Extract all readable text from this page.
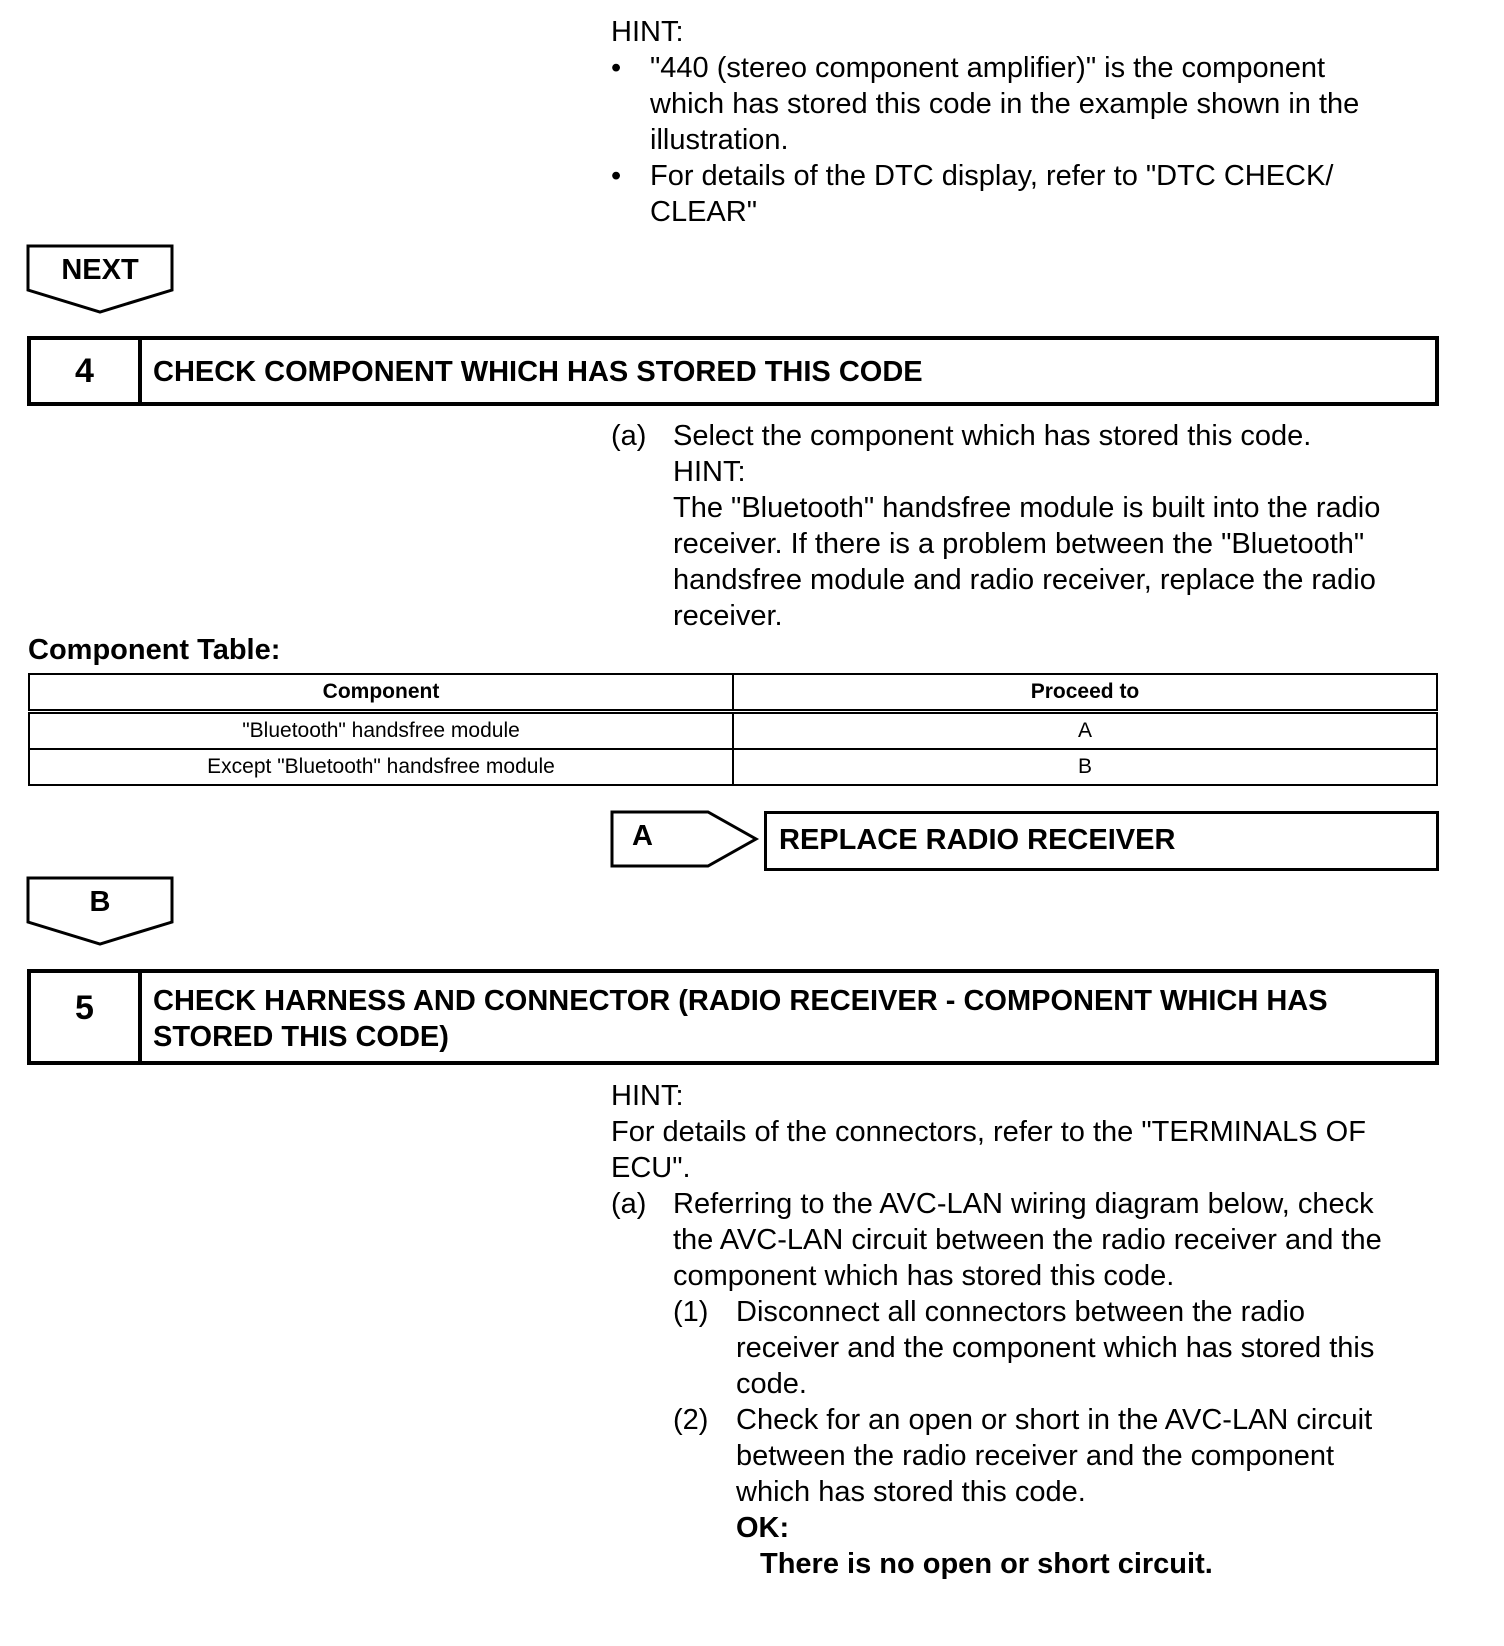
HINT:
• "440 (stereo component amplifier)" is the component
which has stored this code in the example shown in the
illustration.
• For details of the DTC display, refer to "DTC CHECK/
CLEAR"
NEXT
4	CHECK COMPONENT WHICH HAS STORED THIS CODE
(a) Select the component which has stored this code.
HINT:
The "Bluetooth" handsfree module is built into the radio
receiver. If there is a problem between the "Bluetooth"
handsfree module and radio receiver, replace the radio
receiver.
Component Table:
Component	Proceed to
"Bluetooth" handsfree module	A
Except "Bluetooth" handsfree module	B
A	REPLACE RADIO RECEIVER
B
5	CHECK HARNESS AND CONNECTOR (RADIO RECEIVER - COMPONENT WHICH HAS
STORED THIS CODE)
HINT:
For details of the connectors, refer to the "TERMINALS OF
ECU".
(a) Referring to the AVC-LAN wiring diagram below, check
the AVC-LAN circuit between the radio receiver and the
component which has stored this code.
(1) Disconnect all connectors between the radio
receiver and the component which has stored this
code.
(2) Check for an open or short in the AVC-LAN circuit
between the radio receiver and the component
which has stored this code.
OK:
There is no open or short circuit.
